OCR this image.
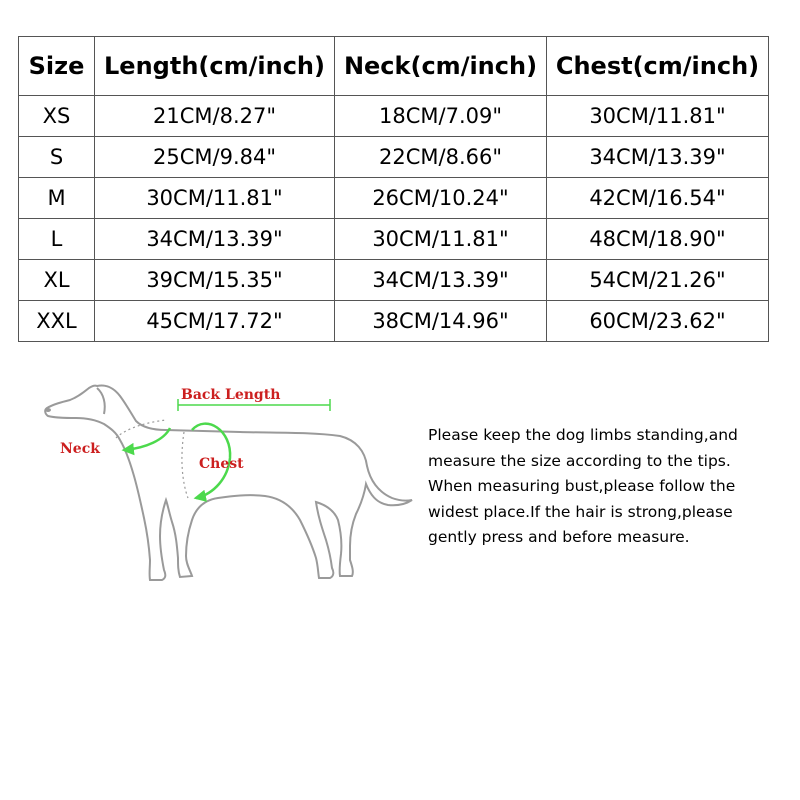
Size	Length(cm/inch)	Neck(cm/inch)	Chest(cm/inch)
XS	21CM/8.27"	18CM/7.09"	30CM/11.81"
S	25CM/9.84"	22CM/8.66"	34CM/13.39"
M	30CM/11.81"	26CM/10.24"	42CM/16.54"
L	34CM/13.39"	30CM/11.81"	48CM/18.90"
XL	39CM/15.35"	34CM/13.39"	54CM/21.26"
XXL	45CM/17.72"	38CM/14.96"	60CM/23.62"
Back Length
Neck
Chest
Please keep the dog limbs standing,and
measure the size according to the tips.
When measuring bust,please follow the
widest place.If the hair is strong,please
gently press and before measure.
